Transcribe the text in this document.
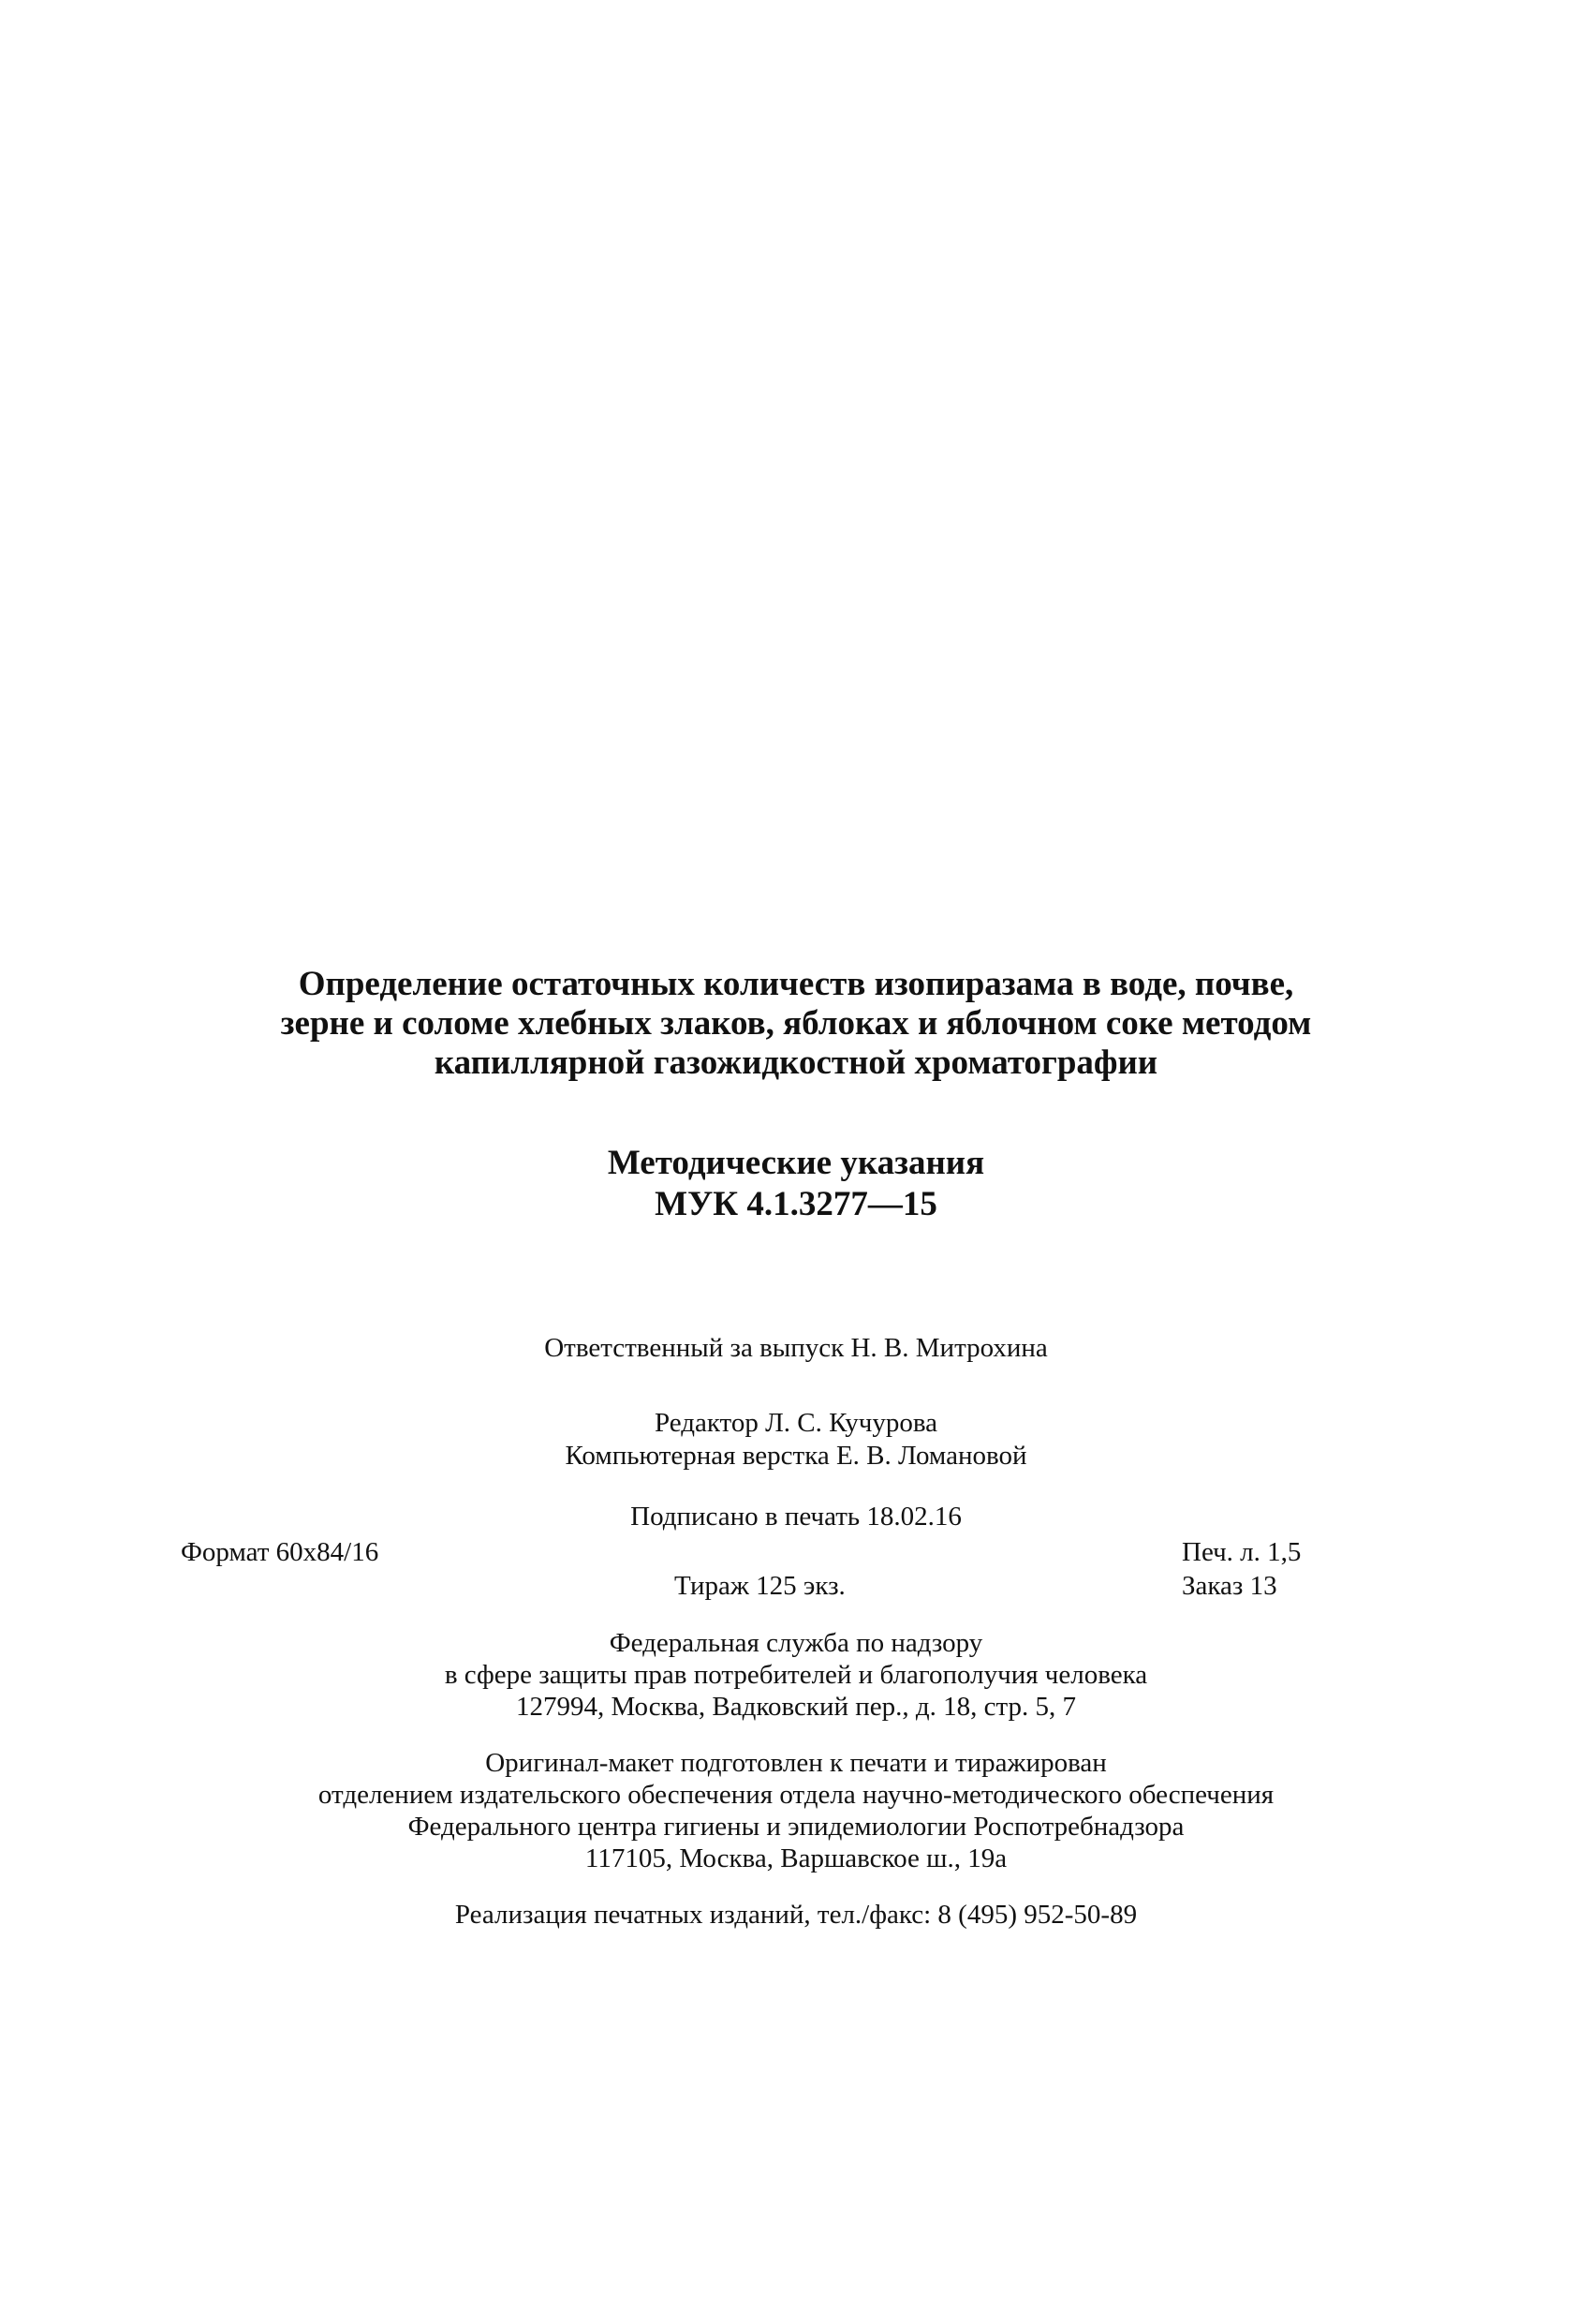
Определение остаточных количеств изопиразама в воде, почве,
зерне и соломе хлебных злаков, яблоках и яблочном соке методом
капиллярной газожидкостной хроматографии
Методические указания
МУК 4.1.3277—15
Ответственный за выпуск Н. В. Митрохина
Редактор Л. С. Кучурова
Компьютерная верстка Е. В. Ломановой
Подписано в печать 18.02.16
Формат 60x84/16	Печ. л. 1,5
Тираж 125 экз.	Заказ 13
Федеральная служба по надзору
в сфере защиты прав потребителей и благополучия человека
127994, Москва, Вадковский пер., д. 18, стр. 5, 7
Оригинал-макет подготовлен к печати и тиражирован
отделением издательского обеспечения отдела научно-методического обеспечения
Федерального центра гигиены и эпидемиологии Роспотребнадзора
117105, Москва, Варшавское ш., 19а
Реализация печатных изданий, тел./факс: 8 (495) 952-50-89
